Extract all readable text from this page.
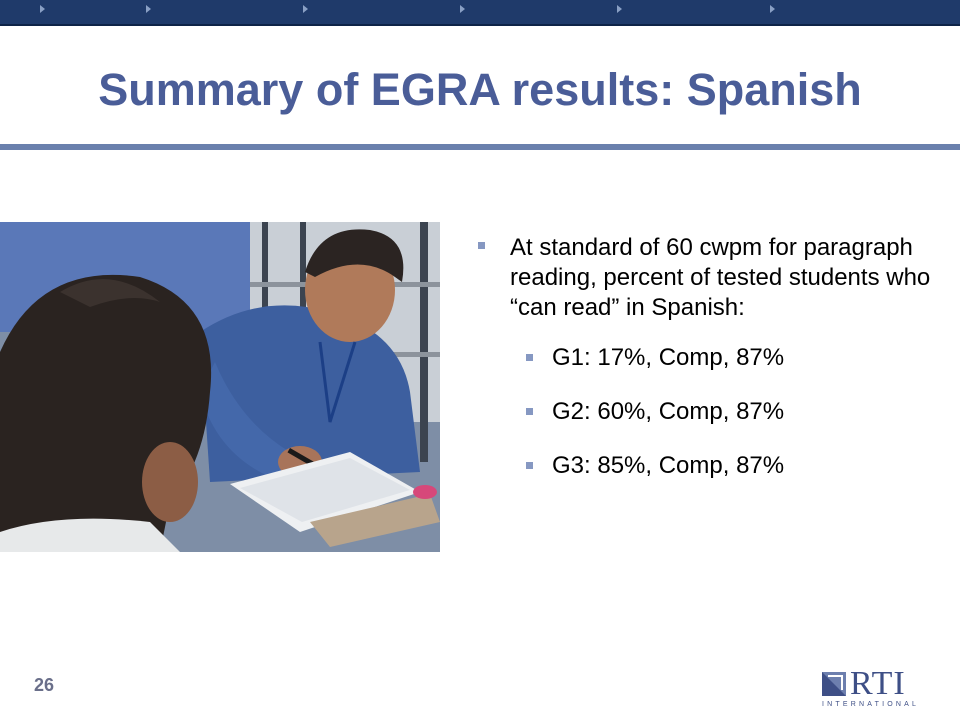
Summary of EGRA results: Spanish
At standard of 60 cwpm for paragraph reading, percent of tested students who “can read” in Spanish:
G1: 17%, Comp, 87%
G2: 60%, Comp, 87%
G3: 85%, Comp, 87%
26	RTI
INTERNATIONAL
